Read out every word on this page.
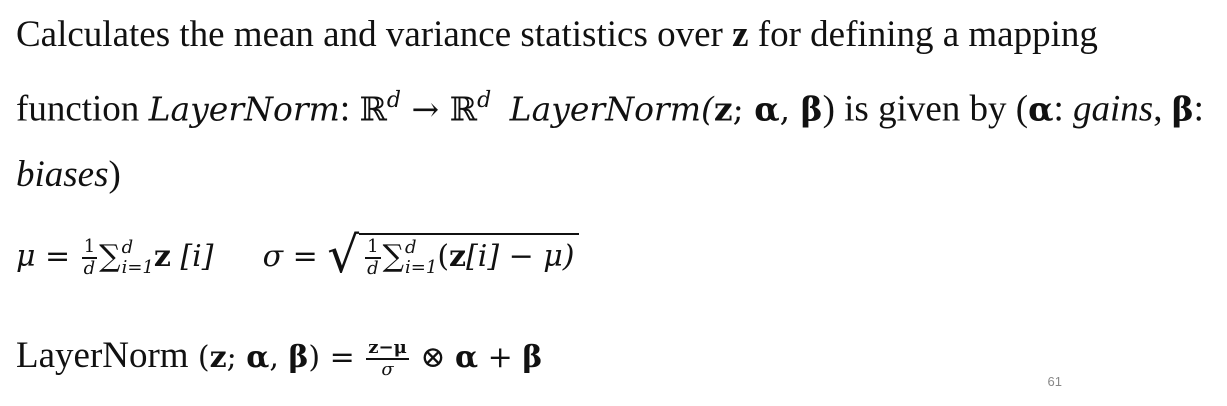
Calculates the mean and variance statistics over z for defining a mapping function LayerNorm: ℝ$^d$ → ℝ$^d$ LayerNorm(z; α, β) is given by (α: gains, β: biases)

$\mu = \frac{1}{d}$ ∑ d
i=1 z [i] σ = √ $\frac{1}{d}$ ∑ d
i=1 (z[i] − μ)
LayerNorm (z; α, $\beta) = \frac{z-\mu}{\sigma}$ ⊗ α + β
61
